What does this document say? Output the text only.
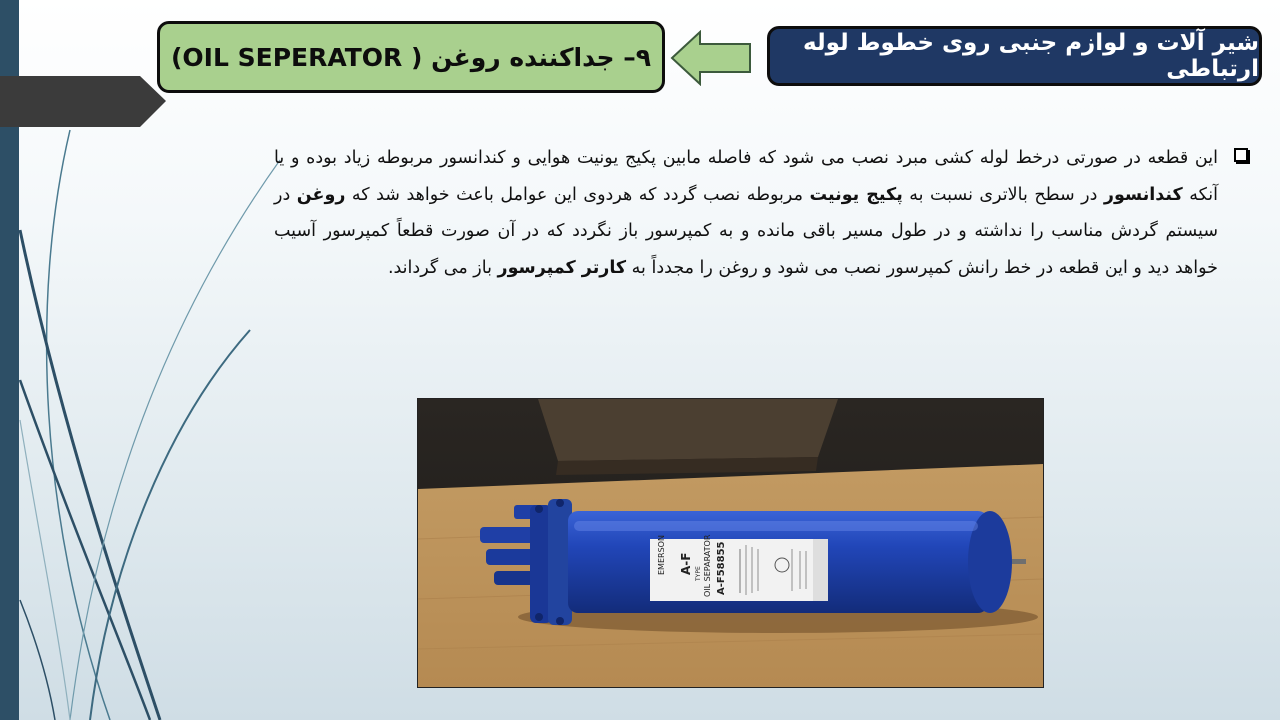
شیر آلات و لوازم جنبی روی خطوط لوله ارتباطی
۹– جداکننده روغن ( OIL SEPERATOR)
این قطعه در صورتی درخط لوله کشی مبرد نصب می شود که فاصله مابین پکیج یونیت هوایی و کندانسور مربوطه زیاد بوده و یا آنکه کندانسور در سطح بالاتری نسبت به پکیج یونیت مربوطه نصب گردد که هردوی این عوامل باعث خواهد شد که روغن در سیستم گردش مناسب را نداشته و در طول مسیر باقی مانده و به کمپرسور باز نگردد که در آن صورت قطعاً کمپرسور آسیب خواهد دید و این قطعه در خط رانش کمپرسور نصب می شود و روغن را مجدداً به کارتر کمپرسور باز می گرداند.
EMERSON A-F TYPE OIL SEPARATOR A-F58855
